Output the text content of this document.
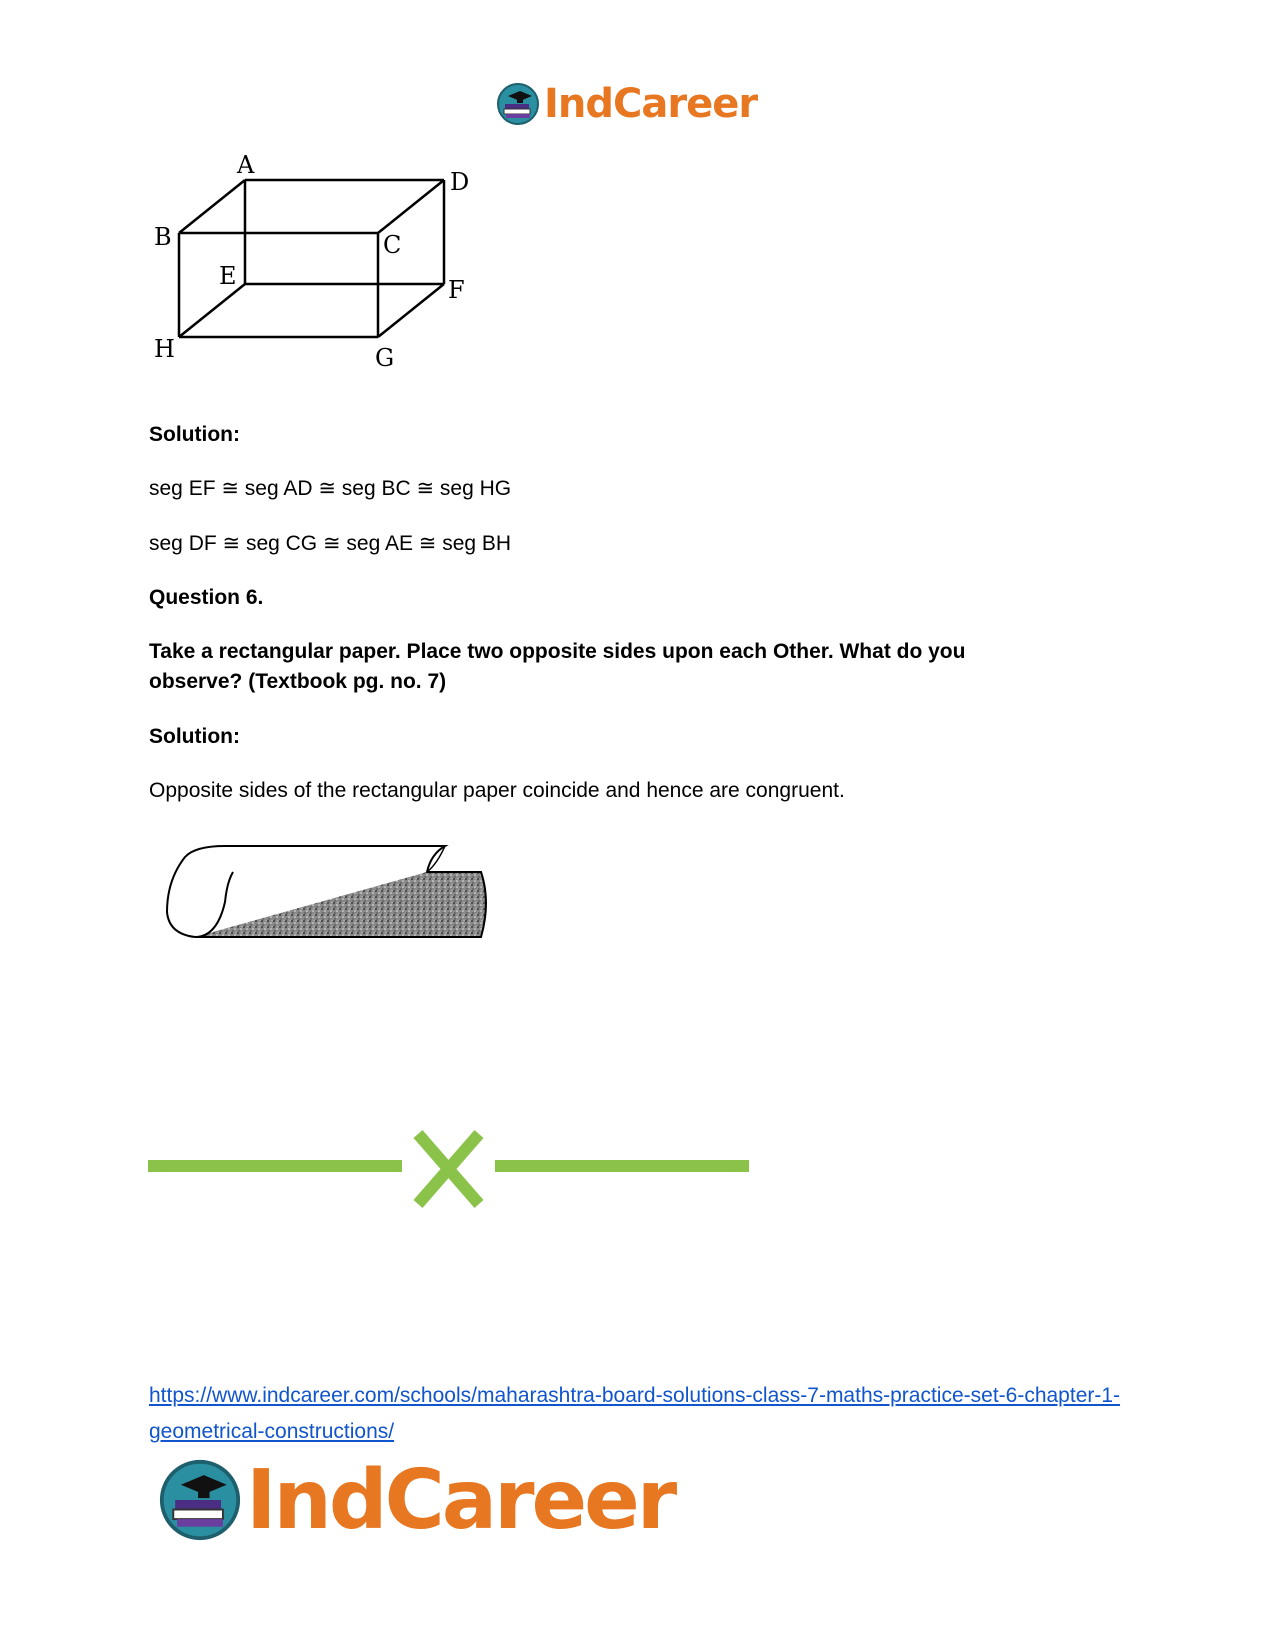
IndCareer
A
D
B	C
E	F
H	G

Solution:

seg EF ≅ seg AD ≅ seg BC ≅ seg HG

seg DF ≅ seg CG ≅ seg AE ≅ seg BH

Question 6.

Take a rectangular paper. Place two opposite sides upon each Other. What do you observe? (Textbook pg. no. 7)

Solution:

Opposite sides of the rectangular paper coincide and hence are congruent.

https://www.indcareer.com/schools/maharashtra-board-solutions-class-7-maths-practice-set-6-chapter-1-geometrical-constructions/

IndCareer
